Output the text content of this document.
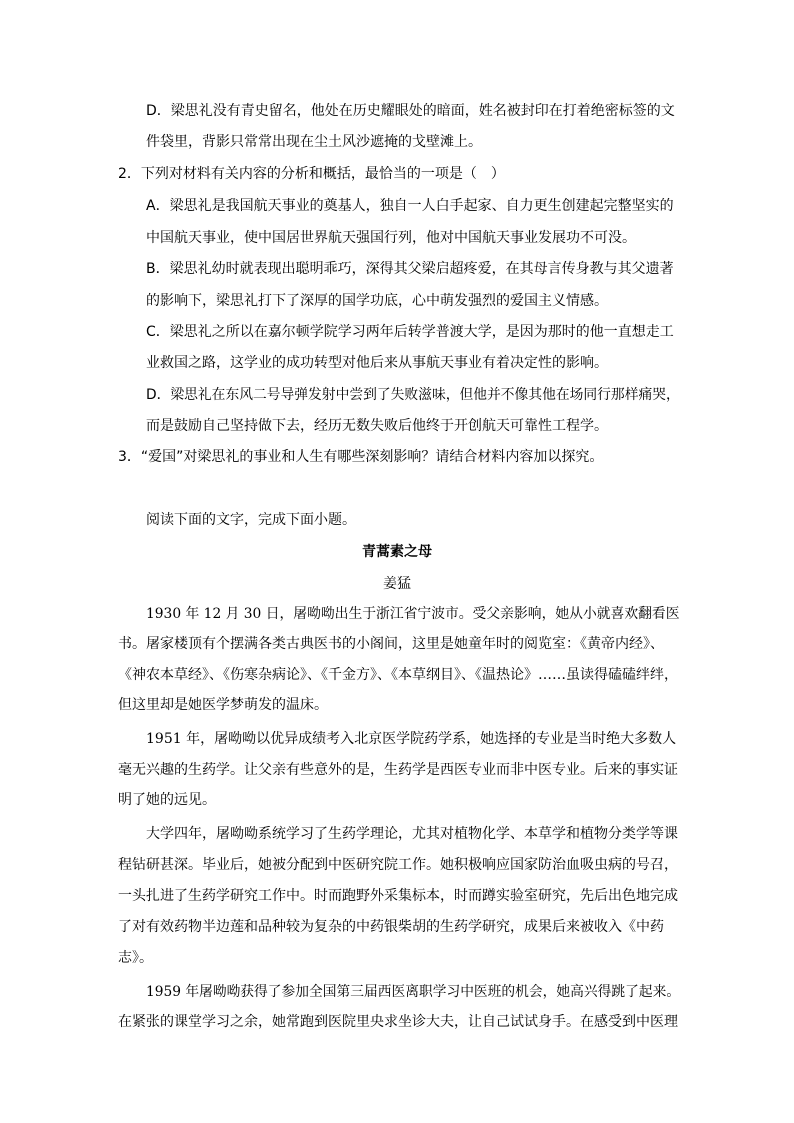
D．梁思礼没有青史留名，他处在历史耀眼处的暗面，姓名被封印在打着绝密标签的文
件袋里，背影只常常出现在尘土风沙遮掩的戈壁滩上。
2．下列对材料有关内容的分析和概括，最恰当的一项是（　）
A．梁思礼是我国航天事业的奠基人，独自一人白手起家、自力更生创建起完整坚实的
中国航天事业，使中国居世界航天强国行列，他对中国航天事业发展功不可没。
B．梁思礼幼时就表现出聪明乖巧，深得其父梁启超疼爱，在其母言传身教与其父遗著
的影响下，梁思礼打下了深厚的国学功底，心中萌发强烈的爱国主义情感。
C．梁思礼之所以在嘉尔顿学院学习两年后转学普渡大学，是因为那时的他一直想走工
业救国之路，这学业的成功转型对他后来从事航天事业有着决定性的影响。
D．梁思礼在东风二号导弹发射中尝到了失败滋味，但他并不像其他在场同行那样痛哭，
而是鼓励自己坚持做下去，经历无数失败后他终于开创航天可靠性工程学。
3．“爱国”对梁思礼的事业和人生有哪些深刻影响？请结合材料内容加以探究。
阅读下面的文字，完成下面小题。
青蒿素之母
姜猛
1930 年 12 月 30 日，屠呦呦出生于浙江省宁波市。受父亲影响，她从小就喜欢翻看医
书。屠家楼顶有个摆满各类古典医书的小阁间，这里是她童年时的阅览室：《黄帝内经》、
《神农本草经》、《伤寒杂病论》、《千金方》、《本草纲目》、《温热论》……虽读得磕磕绊绊，
但这里却是她医学梦萌发的温床。
1951 年，屠呦呦以优异成绩考入北京医学院药学系，她选择的专业是当时绝大多数人
毫无兴趣的生药学。让父亲有些意外的是，生药学是西医专业而非中医专业。后来的事实证
明了她的远见。
大学四年，屠呦呦系统学习了生药学理论，尤其对植物化学、本草学和植物分类学等课
程钻研甚深。毕业后，她被分配到中医研究院工作。她积极响应国家防治血吸虫病的号召，
一头扎进了生药学研究工作中。时而跑野外采集标本，时而蹲实验室研究，先后出色地完成
了对有效药物半边莲和品种较为复杂的中药银柴胡的生药学研究，成果后来被收入《中药
志》。
1959 年屠呦呦获得了参加全国第三届西医离职学习中医班的机会，她高兴得跳了起来。
在紧张的课堂学习之余，她常跑到医院里央求坐诊大夫，让自己试试身手。在感受到中医理
